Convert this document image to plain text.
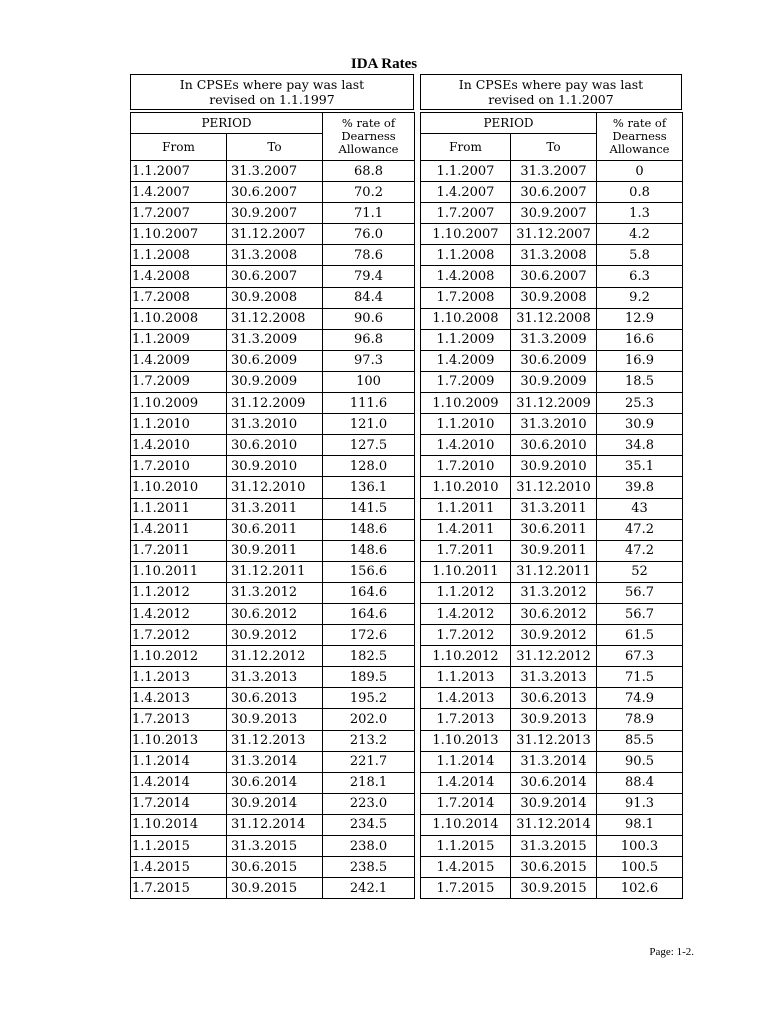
IDA Rates
In CPSEs where pay was last
revised on 1.1.1997
In CPSEs where pay was last
revised on 1.1.2007
PERIOD		% rate of
Dearness
Allowance

From	To	
1.1.2007	31.3.2007	68.8
1.4.2007	30.6.2007	70.2
1.7.2007	30.9.2007	71.1
1.10.2007	31.12.2007	76.0
1.1.2008	31.3.2008	78.6
1.4.2008	30.6.2007	79.4
1.7.2008	30.9.2008	84.4
1.10.2008	31.12.2008	90.6
1.1.2009	31.3.2009	96.8
1.4.2009	30.6.2009	97.3
1.7.2009	30.9.2009	100
1.10.2009	31.12.2009	111.6
1.1.2010	31.3.2010	121.0
1.4.2010	30.6.2010	127.5
1.7.2010	30.9.2010	128.0
1.10.2010	31.12.2010	136.1
1.1.2011	31.3.2011	141.5
1.4.2011	30.6.2011	148.6
1.7.2011	30.9.2011	148.6
1.10.2011	31.12.2011	156.6
1.1.2012	31.3.2012	164.6
1.4.2012	30.6.2012	164.6
1.7.2012	30.9.2012	172.6
1.10.2012	31.12.2012	182.5
1.1.2013	31.3.2013	189.5
1.4.2013	30.6.2013	195.2
1.7.2013	30.9.2013	202.0
1.10.2013	31.12.2013	213.2
1.1.2014	31.3.2014	221.7
1.4.2014	30.6.2014	218.1
1.7.2014	30.9.2014	223.0
1.10.2014	31.12.2014	234.5
1.1.2015	31.3.2015	238.0
1.4.2015	30.6.2015	238.5
1.7.2015	30.9.2015	242.1
PERIOD		% rate of
Dearness
Allowance

From	To	
1.1.2007	31.3.2007	0
1.4.2007	30.6.2007	0.8
1.7.2007	30.9.2007	1.3
1.10.2007	31.12.2007	4.2
1.1.2008	31.3.2008	5.8
1.4.2008	30.6.2007	6.3
1.7.2008	30.9.2008	9.2
1.10.2008	31.12.2008	12.9
1.1.2009	31.3.2009	16.6
1.4.2009	30.6.2009	16.9
1.7.2009	30.9.2009	18.5
1.10.2009	31.12.2009	25.3
1.1.2010	31.3.2010	30.9
1.4.2010	30.6.2010	34.8
1.7.2010	30.9.2010	35.1
1.10.2010	31.12.2010	39.8
1.1.2011	31.3.2011	43
1.4.2011	30.6.2011	47.2
1.7.2011	30.9.2011	47.2
1.10.2011	31.12.2011	52
1.1.2012	31.3.2012	56.7
1.4.2012	30.6.2012	56.7
1.7.2012	30.9.2012	61.5
1.10.2012	31.12.2012	67.3
1.1.2013	31.3.2013	71.5
1.4.2013	30.6.2013	74.9
1.7.2013	30.9.2013	78.9
1.10.2013	31.12.2013	85.5
1.1.2014	31.3.2014	90.5
1.4.2014	30.6.2014	88.4
1.7.2014	30.9.2014	91.3
1.10.2014	31.12.2014	98.1
1.1.2015	31.3.2015	100.3
1.4.2015	30.6.2015	100.5
1.7.2015	30.9.2015	102.6
Page: 1-2.
